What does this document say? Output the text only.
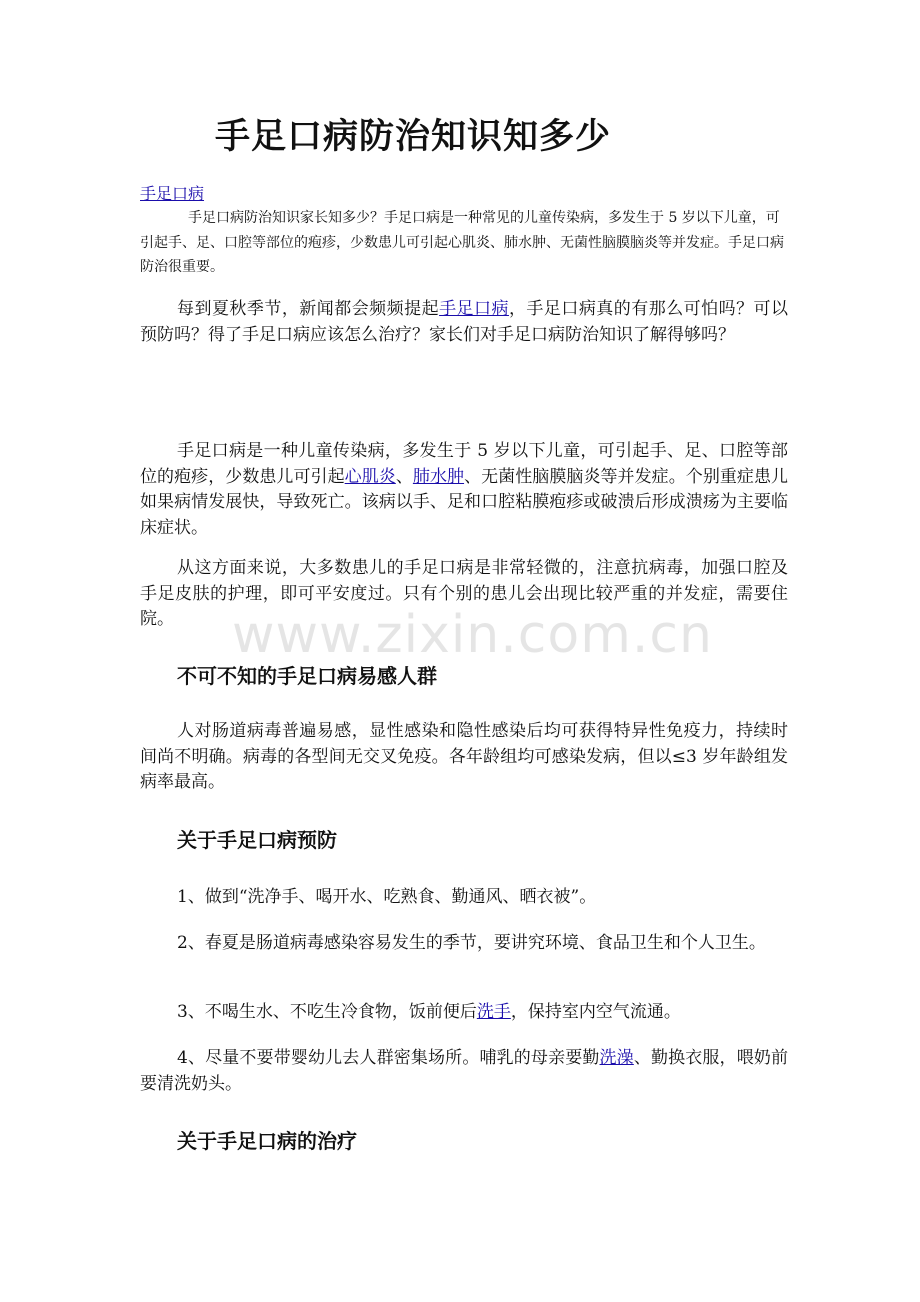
手足口病防治知识知多少
手足口病

手足口病防治知识家长知多少？手足口病是一种常见的儿童传染病，多发生于 5 岁以下儿童，可引起手、足、口腔等部位的疱疹，少数患儿可引起心肌炎、肺水肿、无菌性脑膜脑炎等并发症。手足口病防治很重要。

每到夏秋季节，新闻都会频频提起手足口病，手足口病真的有那么可怕吗？可以预防吗？得了手足口病应该怎么治疗？家长们对手足口病防治知识了解得够吗？

手足口病是一种儿童传染病，多发生于 5 岁以下儿童，可引起手、足、口腔等部位的疱疹，少数患儿可引起心肌炎、肺水肿、无菌性脑膜脑炎等并发症。个别重症患儿如果病情发展快，导致死亡。该病以手、足和口腔粘膜疱疹或破溃后形成溃疡为主要临床症状。

从这方面来说，大多数患儿的手足口病是非常轻微的，注意抗病毒，加强口腔及手足皮肤的护理，即可平安度过。只有个别的患儿会出现比较严重的并发症，需要住院。	www.zixin.com.cn
不可不知的手足口病易感人群

人对肠道病毒普遍易感，显性感染和隐性感染后均可获得特异性免疫力，持续时间尚不明确。病毒的各型间无交叉免疫。各年龄组均可感染发病，但以≤3 岁年龄组发病率最高。

关于手足口病预防

1、做到“洗净手、喝开水、吃熟食、勤通风、晒衣被”。

2、春夏是肠道病毒感染容易发生的季节，要讲究环境、食品卫生和个人卫生。

3、不喝生水、不吃生冷食物，饭前便后洗手，保持室内空气流通。

4、尽量不要带婴幼儿去人群密集场所。哺乳的母亲要勤洗澡、勤换衣服，喂奶前要清洗奶头。

关于手足口病的治疗
